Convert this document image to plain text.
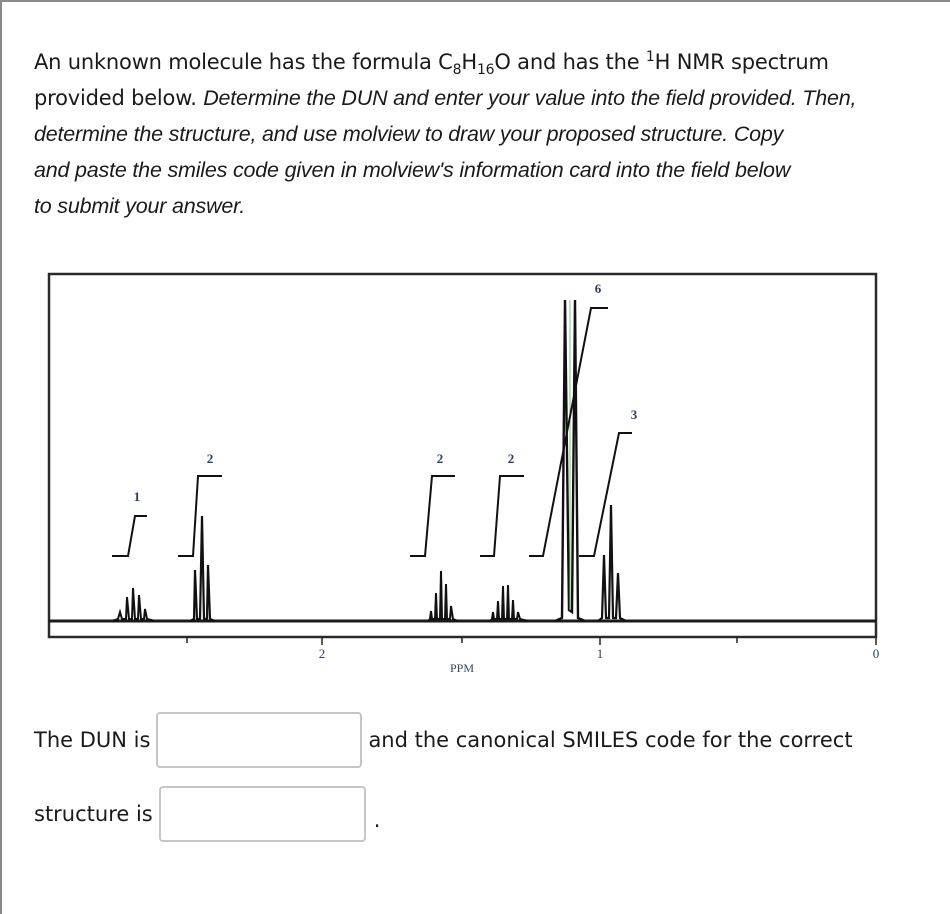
An unknown molecule has the formula $C_8H_{16}O$ and has the $^1$H NMR spectrum
provided below. Determine the DUN and enter your value into the field provided. Then,
determine the structure, and use molview to draw your proposed structure. Copy
and paste the smiles code given in molview's information card into the field below
to submit your answer.
2	1	0
PPM
1
2	2	2
6
3
The DUN is	and the canonical SMILES code for the correct
structure is	.
